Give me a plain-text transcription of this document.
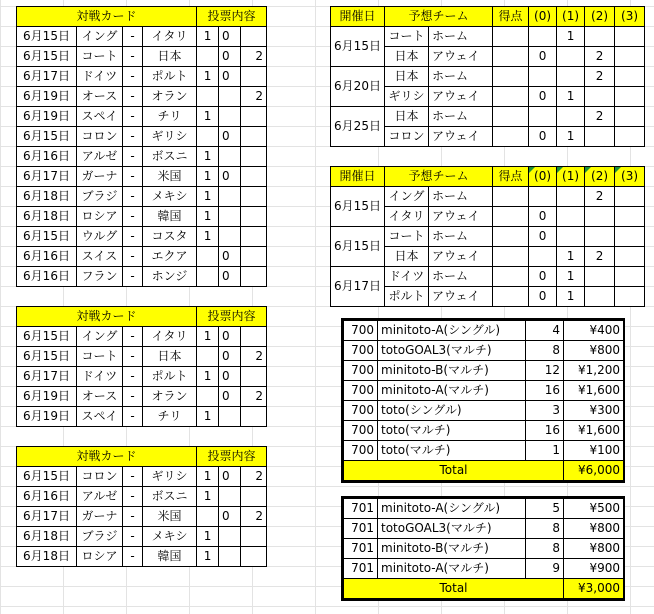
対戦カード				投票内容		
6月15日	イング	-	イタリ	1	0	
6月15日	コート	-	日本		0	2
6月17日	ドイツ	-	ポルト	1	0	
6月19日	オース	-	オラン			2
6月19日	スペイ	-	チリ	1		
6月15日	コロン	-	ギリシ		0	
6月16日	アルゼ	-	ボスニ	1		
6月17日	ガーナ	-	米国	1	0	
6月18日	ブラジ	-	メキシ	1		
6月18日	ロシア	-	韓国	1		
6月15日	ウルグ	-	コスタ	1		
6月16日	スイス	-	エクア		0	
6月16日	フラン	-	ホンジ		0	
対戦カード				投票内容		
6月15日	イング	-	イタリ	1	0	
6月15日	コート	-	日本		0	2
6月17日	ドイツ	-	ポルト	1	0	
6月19日	オース	-	オラン		0	2
6月19日	スペイ	-	チリ	1		
対戦カード				投票内容		
6月15日	コロン	-	ギリシ	1	0	2
6月16日	アルゼ	-	ボスニ	1		
6月17日	ガーナ	-	米国		0	2
6月18日	ブラジ	-	メキシ	1		
6月18日	ロシア	-	韓国	1		
開催日	予想チーム		得点	(0)	(1)	(2)	(3)
6月15日	コート	ホーム			1		
	日本	アウェイ		0		2	
6月20日	日本	ホーム				2	
	ギリシ	アウェイ		0	1		
6月25日	日本	ホーム				2	
	コロン	アウェイ		0	1		
開催日	予想チーム		得点	(0)	(1)	(2)	(3)
6月15日	イング	ホーム				2	
	イタリ	アウェイ		0			
6月15日	コート	ホーム		0			
	日本	アウェイ			1	2	
6月17日	ドイツ	ホーム		0	1		
	ポルト	アウェイ		0	1		
700	minitoto-A(シングル)	4	¥400
700	totoGOAL3(マルチ)	8	¥800
700	minitoto-B(マルチ)	12	¥1,200
700	minitoto-A(マルチ)	16	¥1,600
700	toto(シングル)	3	¥300
700	toto(マルチ)	16	¥1,600
700	toto(マルチ)	1	¥100
Total			¥6,000
701	minitoto-A(シングル)	5	¥500
701	totoGOAL3(マルチ)	8	¥800
701	minitoto-B(マルチ)	8	¥800
701	minitoto-A(マルチ)	9	¥900
Total			¥3,000
